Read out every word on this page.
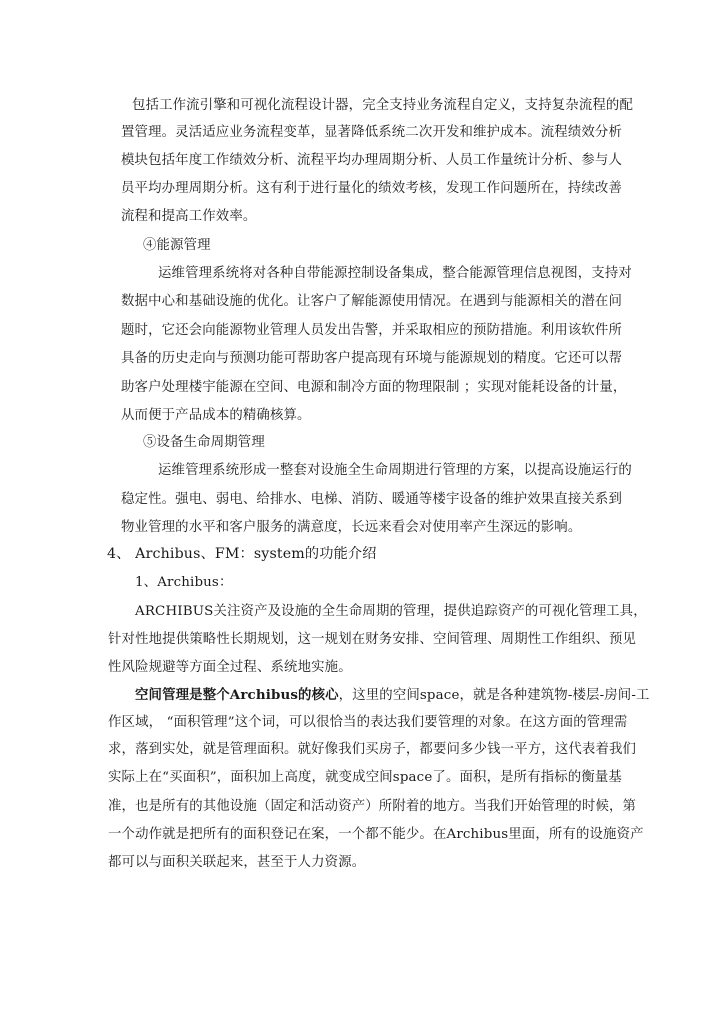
包括工作流引擎和可视化流程设计器，完全支持业务流程自定义，支持复杂流程的配
置管理。灵活适应业务流程变革，显著降低系统二次开发和维护成本。流程绩效分析
模块包括年度工作绩效分析、流程平均办理周期分析、人员工作量统计分析、参与人
员平均办理周期分析。这有利于进行量化的绩效考核，发现工作问题所在，持续改善
流程和提高工作效率。
④能源管理
运维管理系统将对各种自带能源控制设备集成，整合能源管理信息视图，支持对
数据中心和基础设施的优化。让客户了解能源使用情况。在遇到与能源相关的潜在问
题时，它还会向能源物业管理人员发出告警，并采取相应的预防措施。利用该软件所
具备的历史走向与预测功能可帮助客户提高现有环境与能源规划的精度。它还可以帮
助客户处理楼宇能源在空间、电源和制冷方面的物理限制 ；实现对能耗设备的计量，
从而便于产品成本的精确核算。
⑤设备生命周期管理
运维管理系统形成一整套对设施全生命周期进行管理的方案，以提高设施运行的
稳定性。强电、弱电、给排水、电梯、消防、暖通等楼宇设备的维护效果直接关系到
物业管理的水平和客户服务的满意度，长远来看会对使用率产生深远的影响。
4、 Archibus、FM：system的功能介绍
1、Archibus：
ARCHIBUS关注资产及设施的全生命周期的管理，提供追踪资产的可视化管理工具，
针对性地提供策略性长期规划，这一规划在财务安排、空间管理、周期性工作组织、预见
性风险规避等方面全过程、系统地实施。
空间管理是整个Archibus的核心，这里的空间space，就是各种建筑物-楼层-房间-工
作区域， “面积管理”这个词，可以很恰当的表达我们要管理的对象。在这方面的管理需
求，落到实处，就是管理面积。就好像我们买房子，都要问多少钱一平方，这代表着我们
实际上在“买面积”，面积加上高度，就变成空间space了。面积，是所有指标的衡量基
准，也是所有的其他设施（固定和活动资产）所附着的地方。当我们开始管理的时候，第
一个动作就是把所有的面积登记在案，一个都不能少。在Archibus里面，所有的设施资产
都可以与面积关联起来，甚至于人力资源。
